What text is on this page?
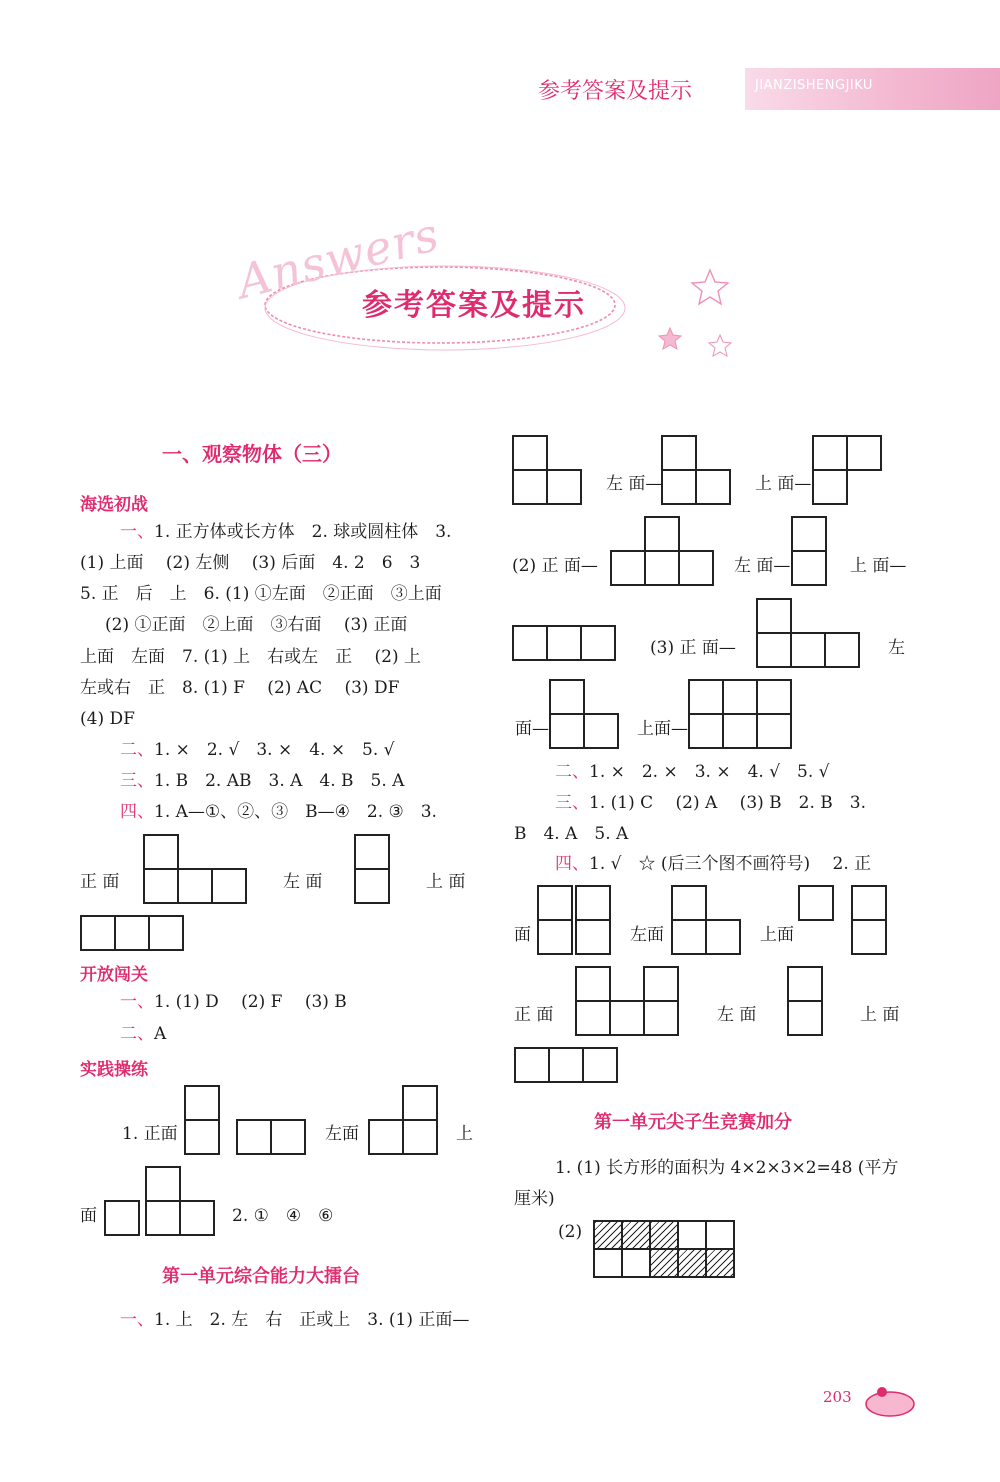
参考答案及提示	JIANZISHENGJIKU
Answers
参考答案及提示
一、观察物体（三）
海选初战
一、1. 正方体或长方体　2. 球或圆柱体　3.
(1) 上面　 (2) 左侧　 (3) 后面　4. 2　6　3
5. 正　后　上　6. (1) ①左面　②正面　③上面
(2) ①正面　②上面　③右面　 (3) 正面
上面　左面　7. (1) 上　右或左　正　 (2) 上
左或右　正　8. (1) F　 (2) AC　 (3) DF
(4) DF
二、1. ×　2. √　3. ×　4. ×　5. √
三、1. B　2. AB　3. A　4. B　5. A
四、1. A—①、②、③　B—④　2. ③　3.
正 面	左 面	上 面
开放闯关
一、1. (1) D　 (2) F　 (3) B
二、A
实践操练
1. 正面	左面	上
面	2. ①　④　⑥
第一单元综合能力大擂台
一、1. 上　2. 左　右　正或上　3. (1) 正面—
左 面—	上 面—
(2) 正 面—	左 面—	上 面—
(3) 正 面—	左
面—	上面—
二、1. ×　2. ×　3. ×　4. √　5. √
三、1. (1) C　 (2) A　 (3) B　2. B　3.
B　4. A　5. A
四、1. √　☆ (后三个图不画符号)　 2. 正
面	左面	上面
正 面	左 面	上 面
第一单元尖子生竞赛加分
1. (1) 长方形的面积为 4×2×3×2=48 (平方
厘米)
(2)
203
